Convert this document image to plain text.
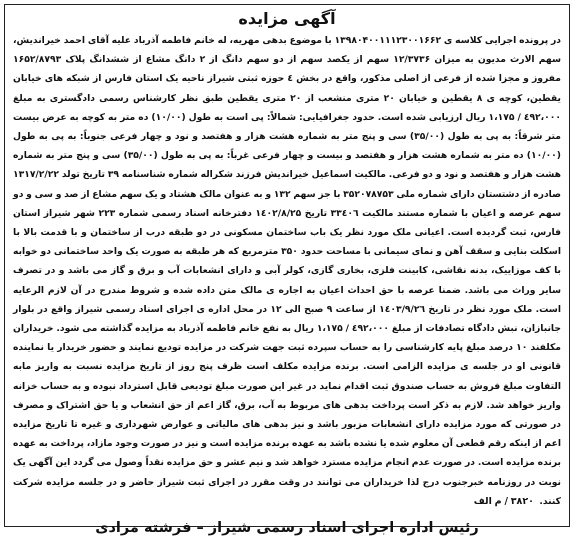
آگهی مزایده

در پرونده اجرایی کلاسه ی ۱۳۹۸۰۴۰۰۱۱۱۲۳۰۰۱۶۶۲ با موضوع بدهی مهریه، له خانم فاطمه آذرباد علیه آقای احمد خیراندیش، سهم الارث مدیون به میزان ۱۲/۳۷۳۶ سهم از یکصد سهم از دو سهم دانگ از ۲ دانگ مشاع از ششدانگ پلاک ۱۶۵۲/۸۷۹۳ مفروز و مجزا شده از فرعی از اصلی مذکور، واقع در بخش ٤ حوزه ثبتی شیراز ناحیه یک استان فارس از شبکه های خیابان یقطین، کوچه ی ۸ یقطین و خیابان ۲۰ متری منشعب از ۲۰ متری یقطین طبق نظر کارشناس رسمی دادگستری به مبلغ ٤۹۲،۰۰۰ / ۱،۱۷۵ ریال ارزیابی شده است. حدود جغرافیایی: شمالاً: پی است به طول (۱۰/۰۰) ده متر به کوچه به عرض بیست متر شرقاً: به پی به طول (۳۵/۰۰) سی و پنج متر به شماره هشت هزار و هفتصد و نود و چهار فرعی جنوباً: به پی به طول (۱۰/۰۰) ده متر به شماره هشت هزار و هفتصد و بیست و چهار فرعی غرباً: به پی به طول (۳۵/۰۰) سی و پنج متر به شماره هشت هزار و هفتصد و نود و دو فرعی. مالکیت اسماعیل خیراندیش فرزند شکراله شماره شناسنامه ۳۹ تاریخ تولد ۱۳۱۷/۲/۲۲ صادره از دشتستان دارای شماره ملی ۳۵۲۰۷۸۷۵۳ با جز سهم ۱۳۲ و به عنوان مالک هشتاد و یک سهم مشاع از صد و سی و دو سهم عرصه و اعیان با شماره مستند مالکیت ۳۳٤۰٦ تاریخ ۱٤۰۲/۸/۲۵ دفترخانه اسناد رسمی شماره ۲۲۳ شهر شیراز استان فارس، ثبت گردیده است. اعیانی ملک مورد نظر یک باب ساختمان مسکونی در دو طبقه درب از ساختمان و با قدمت بالا با اسکلت بنایی و سقف آهن و نمای سیمانی با مساحت حدود ۳۵۰ مترمربع که هر طبقه به صورت یک واحد ساختمانی دو خوابه با کف موزاییک، بدنه نقاشی، کابینت فلزی، بخاری گازی، کولر آبی و دارای انشعابات آب و برق و گاز می باشد و در تصرف سایر وراث می باشد. ضمنا عرصه با حق احداث اعیان به اجاره ی مالک متن داده شده و شروط مندرج در آن لازم الرعایه است. ملک مورد نظر در تاریخ ۱٤۰۳/۹/۲٦ از ساعت ۹ صبح الی ۱۲ در محل اداره ی اجرای اسناد رسمی شیراز واقع در بلوار جانبازان، نبش دادگاه تصادفات از مبلغ ٤۹۲،۰۰۰ / ۱،۱۷۵ ریال به نفع خانم فاطمه آذرباد به مزایده گذاشته می شود. خریداران مکلفند ۱۰ درصد مبلغ پایه کارشناسی را به حساب سپرده ثبت جهت شرکت در مزایده تودیع نمایند و حضور خریدار یا نماینده قانونی او در جلسه ی مزایده الزامی است. برنده مزایده مکلف است ظرف پنج روز از تاریخ مزایده نسبت به واریز مابه التفاوت مبلغ فروش به حساب صندوق ثبت اقدام نماید در غیر این صورت مبلغ تودیعی قابل استرداد نبوده و به حساب خزانه واریز خواهد شد. لازم به ذکر است پرداخت بدهی های مربوط به آب، برق، گاز اعم از حق انشعاب و یا حق اشتراک و مصرف در صورتی که مورد مزایده دارای انشعابات مزبور باشد و نیز بدهی های مالیاتی و عوارض شهرداری و غیره تا تاریخ مزایده اعم از اینکه رقم قطعی آن معلوم شده یا نشده باشد به عهده برنده مزایده است و نیز در صورت وجود مازاد، پرداخت به عهده برنده مزایده است. در صورت عدم انجام مزایده مسترد خواهد شد و نیم عشر و حق مزایده نقداً وصول می گردد این آگهی یک نوبت در روزنامه خبرجنوب درج لذا خریداران می توانند در وقت مقرر در اجرای ثبت شیراز حاضر و در جلسه مزایده شرکت کنند.  ۳۸۲۰ / م الف

رئیس اداره اجرای اسناد رسمی شیراز – فرشته مرادی
